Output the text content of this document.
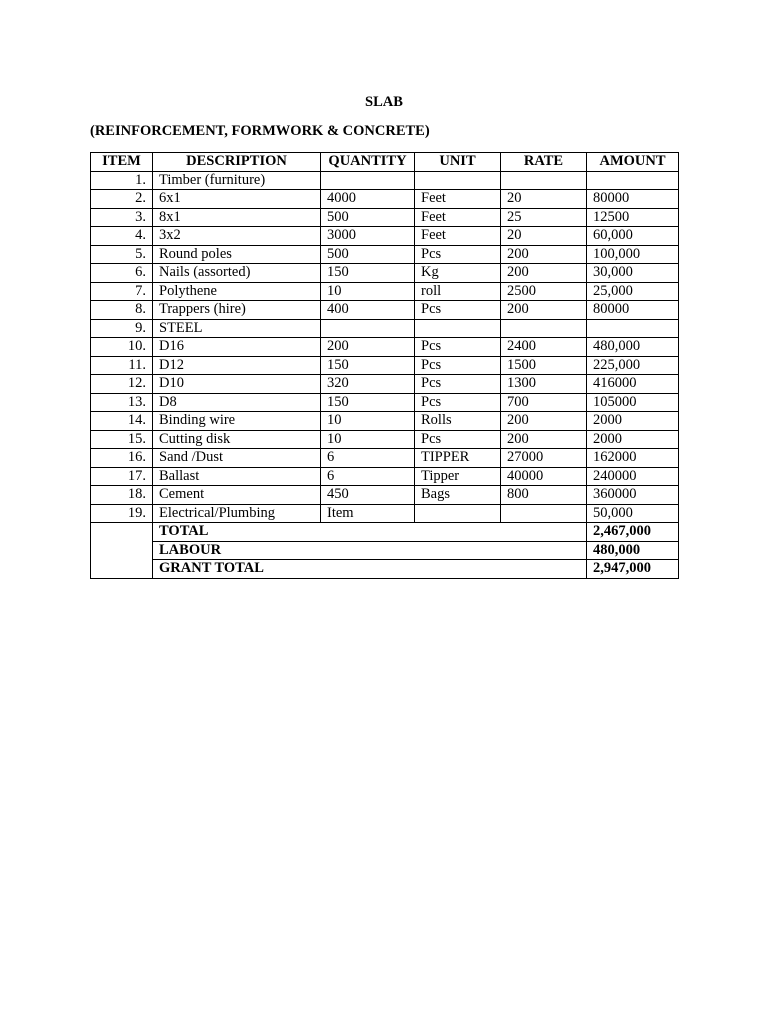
SLAB
(REINFORCEMENT, FORMWORK & CONCRETE)
ITEM	DESCRIPTION	QUANTITY	UNIT	RATE	AMOUNT
1.	Timber (furniture)				
2.	6x1	4000	Feet	20	80000
3.	8x1	500	Feet	25	12500
4.	3x2	3000	Feet	20	60,000
5.	Round poles	500	Pcs	200	100,000
6.	Nails (assorted)	150	Kg	200	30,000
7.	Polythene	10	roll	2500	25,000
8.	Trappers (hire)	400	Pcs	200	80000
9.	STEEL				
10.	D16	200	Pcs	2400	480,000
11.	D12	150	Pcs	1500	225,000
12.	D10	320	Pcs	1300	416000
13.	D8	150	Pcs	700	105000
14.	Binding wire	10	Rolls	200	2000
15.	Cutting disk	10	Pcs	200	2000
16.	Sand /Dust	6	TIPPER	27000	162000
17.	Ballast	6	Tipper	40000	240000
18.	Cement	450	Bags	800	360000
19.	Electrical/Plumbing	Item			50,000
	TOTAL				2,467,000
	LABOUR				480,000
	GRANT TOTAL				2,947,000
